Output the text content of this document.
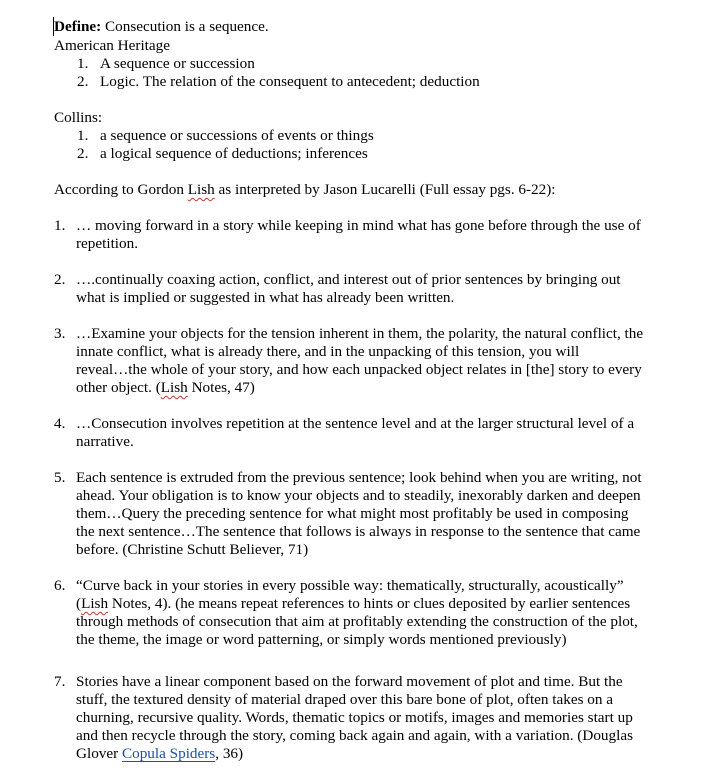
Define: Consecution is a sequence.
American Heritage
1. A sequence or succession
2. Logic. The relation of the consequent to antecedent; deduction
Collins:
1. a sequence or successions of events or things
2. a logical sequence of deductions; inferences
According to Gordon Lish as interpreted by Jason Lucarelli (Full essay pgs. 6-22):
1. … moving forward in a story while keeping in mind what has gone before through the use of
repetition.
2. ….continually coaxing action, conflict, and interest out of prior sentences by bringing out
what is implied or suggested in what has already been written.
3. …Examine your objects for the tension inherent in them, the polarity, the natural conflict, the
innate conflict, what is already there, and in the unpacking of this tension, you will
reveal…the whole of your story, and how each unpacked object relates in [the] story to every
other object. (Lish Notes, 47)
4. …Consecution involves repetition at the sentence level and at the larger structural level of a
narrative.
5. Each sentence is extruded from the previous sentence; look behind when you are writing, not
ahead. Your obligation is to know your objects and to steadily, inexorably darken and deepen
them…Query the preceding sentence for what might most profitably be used in composing
the next sentence…The sentence that follows is always in response to the sentence that came
before. (Christine Schutt Believer, 71)
6. “Curve back in your stories in every possible way: thematically, structurally, acoustically”
(Lish Notes, 4). (he means repeat references to hints or clues deposited by earlier sentences
through methods of consecution that aim at profitably extending the construction of the plot,
the theme, the image or word patterning, or simply words mentioned previously)
7. Stories have a linear component based on the forward movement of plot and time. But the
stuff, the textured density of material draped over this bare bone of plot, often takes on a
churning, recursive quality. Words, thematic topics or motifs, images and memories start up
and then recycle through the story, coming back again and again, with a variation. (Douglas
Glover Copula Spiders, 36)
